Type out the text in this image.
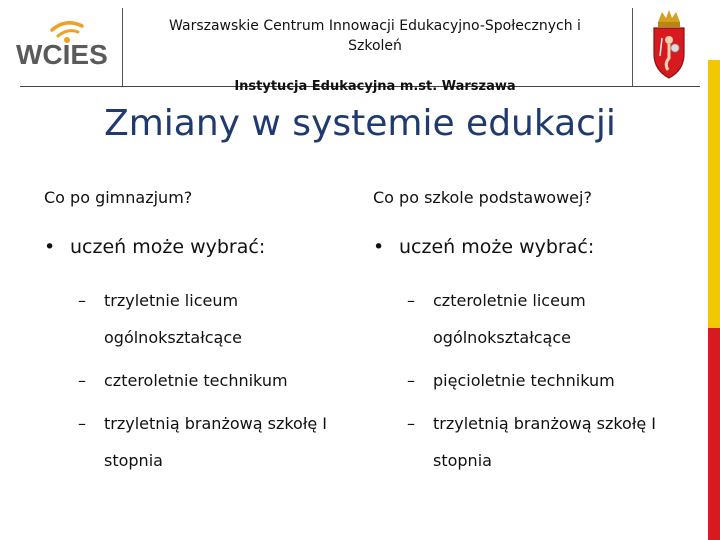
WCIES
Warszawskie Centrum Innowacji Edukacyjno-Społecznych i Szkoleń
Instytucja Edukacyjna m.st. Warszawa
Zmiany w systemie edukacji
Co po gimnazjum?
• uczeń może wybrać:
–	trzyletnie liceum ogólnokształcące
–	czteroletnie technikum
–	trzyletnią branżową szkołę I stopnia
Co po szkole podstawowej?
• uczeń może wybrać:
–	czteroletnie liceum ogólnokształcące
–	pięcioletnie technikum
–	trzyletnią branżową szkołę I stopnia
